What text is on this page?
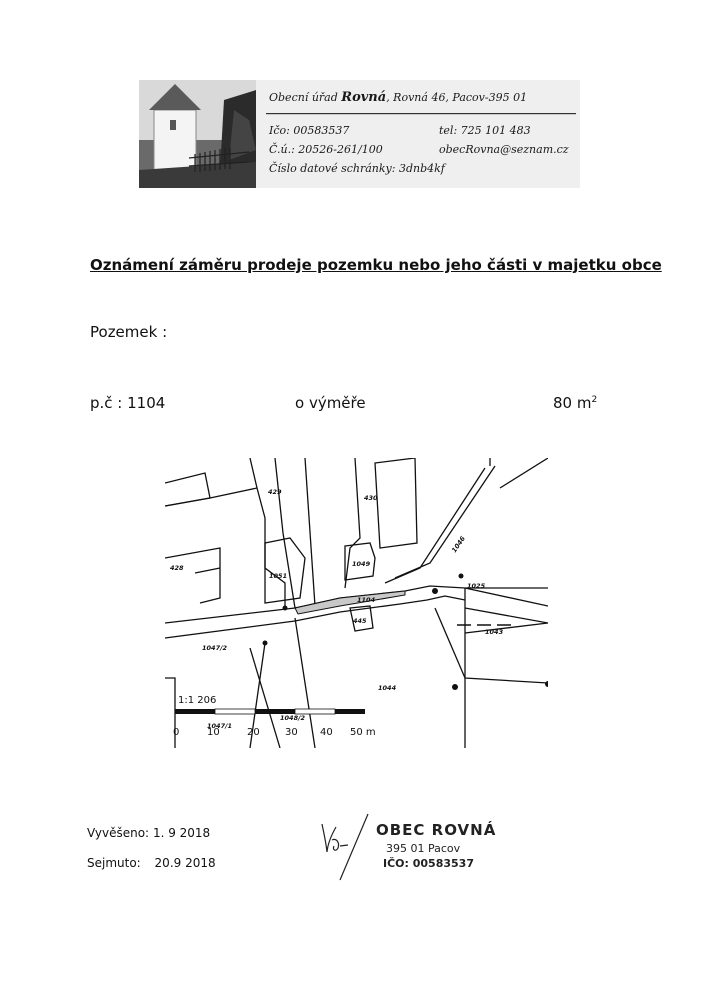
Obecní úřad Rovná, Rovná 46, Pacov-395 01
Ičo: 00583537	tel: 725 101 483
Č.ú.: 20526-261/100	obecRovna@seznam.cz
Číslo datové schránky: 3dnb4kf
Oznámení záměru prodeje pozemku nebo jeho části v majetku obce
Pozemek :
p.č : 1104	o výměře	80 $m^2$
429
430
428
1051
1049
1104
445
1025
1043
1047/2
1044
1047/1
1048/2
1046
1:1 206
0	10	20	30 40 50 m
Vyvěšeno: 1. 9 2018
Sejmuto: 20.9 2018
OBEC ROVNÁ
395 01 Pacov
IČO: 00583537
